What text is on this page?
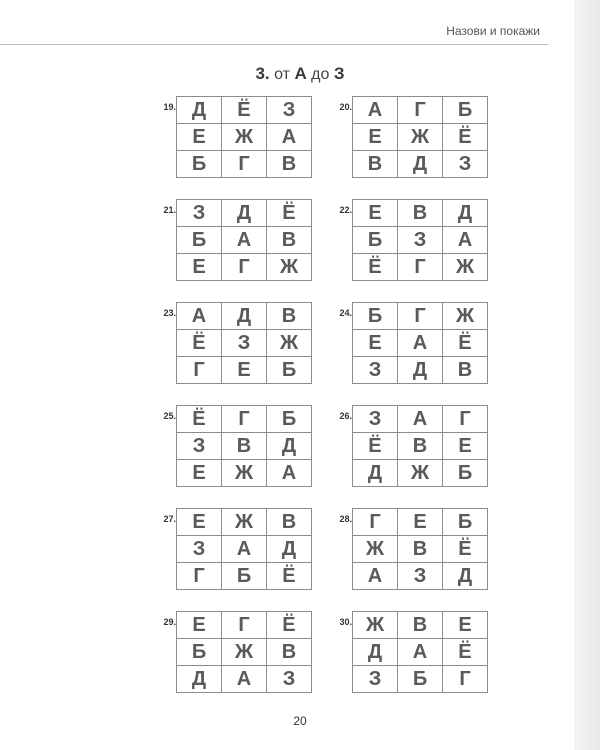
Назови и покажи
3. от А до З
19. Д	Ё	З
Е	Ж	А
Б	Г	В
20. А	Г	Б
Е	Ж	Ё
В	Д	З
21. З	Д	Ё
Б	А	В
Е	Г	Ж
22. Е	В	Д
Б	З	А
Ё	Г	Ж
23. А	Д	В
Ё	З	Ж
Г	Е	Б
24. Б	Г	Ж
Е	А	Ё
З	Д	В
25. Ё	Г	Б
З	В	Д
Е	Ж	А
26. З	А	Г
Ё	В	Е
Д	Ж	Б
27. Е	Ж	В
З	А	Д
Г	Б	Ё
28. Г	Е	Б
Ж	В	Ё
А	З	Д
29. Е	Г	Ё
Б	Ж	В
Д	А	З
30. Ж	В	Е
Д	А	Ё
З	Б	Г
20
